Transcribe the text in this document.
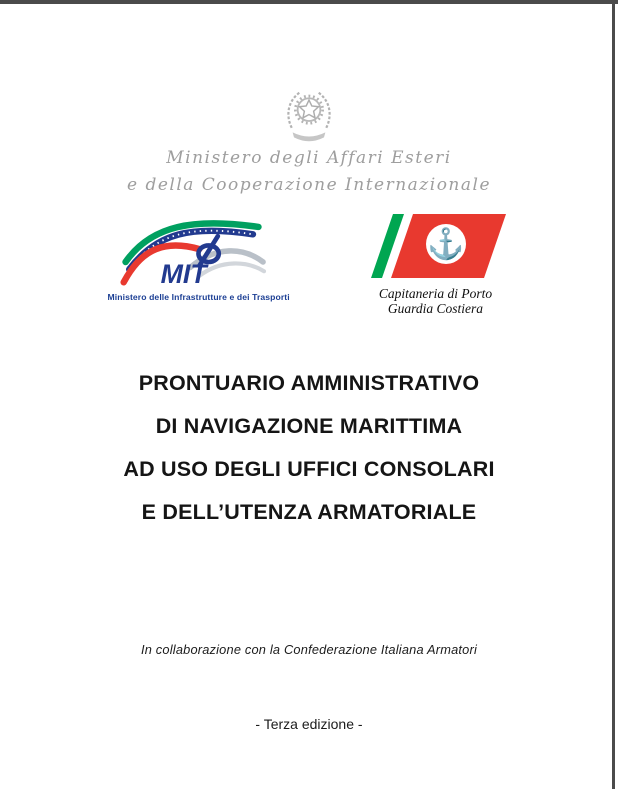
Ministero degli Affari Esteri
e della Cooperazione Internazionale
MIT
Ministero delle Infrastrutture e dei Trasporti
⚓
Capitaneria di Porto
Guardia Costiera
PRONTUARIO AMMINISTRATIVO
DI NAVIGAZIONE MARITTIMA
AD USO DEGLI UFFICI CONSOLARI
E DELL’UTENZA ARMATORIALE
In collaborazione con la Confederazione Italiana Armatori
- Terza edizione -
